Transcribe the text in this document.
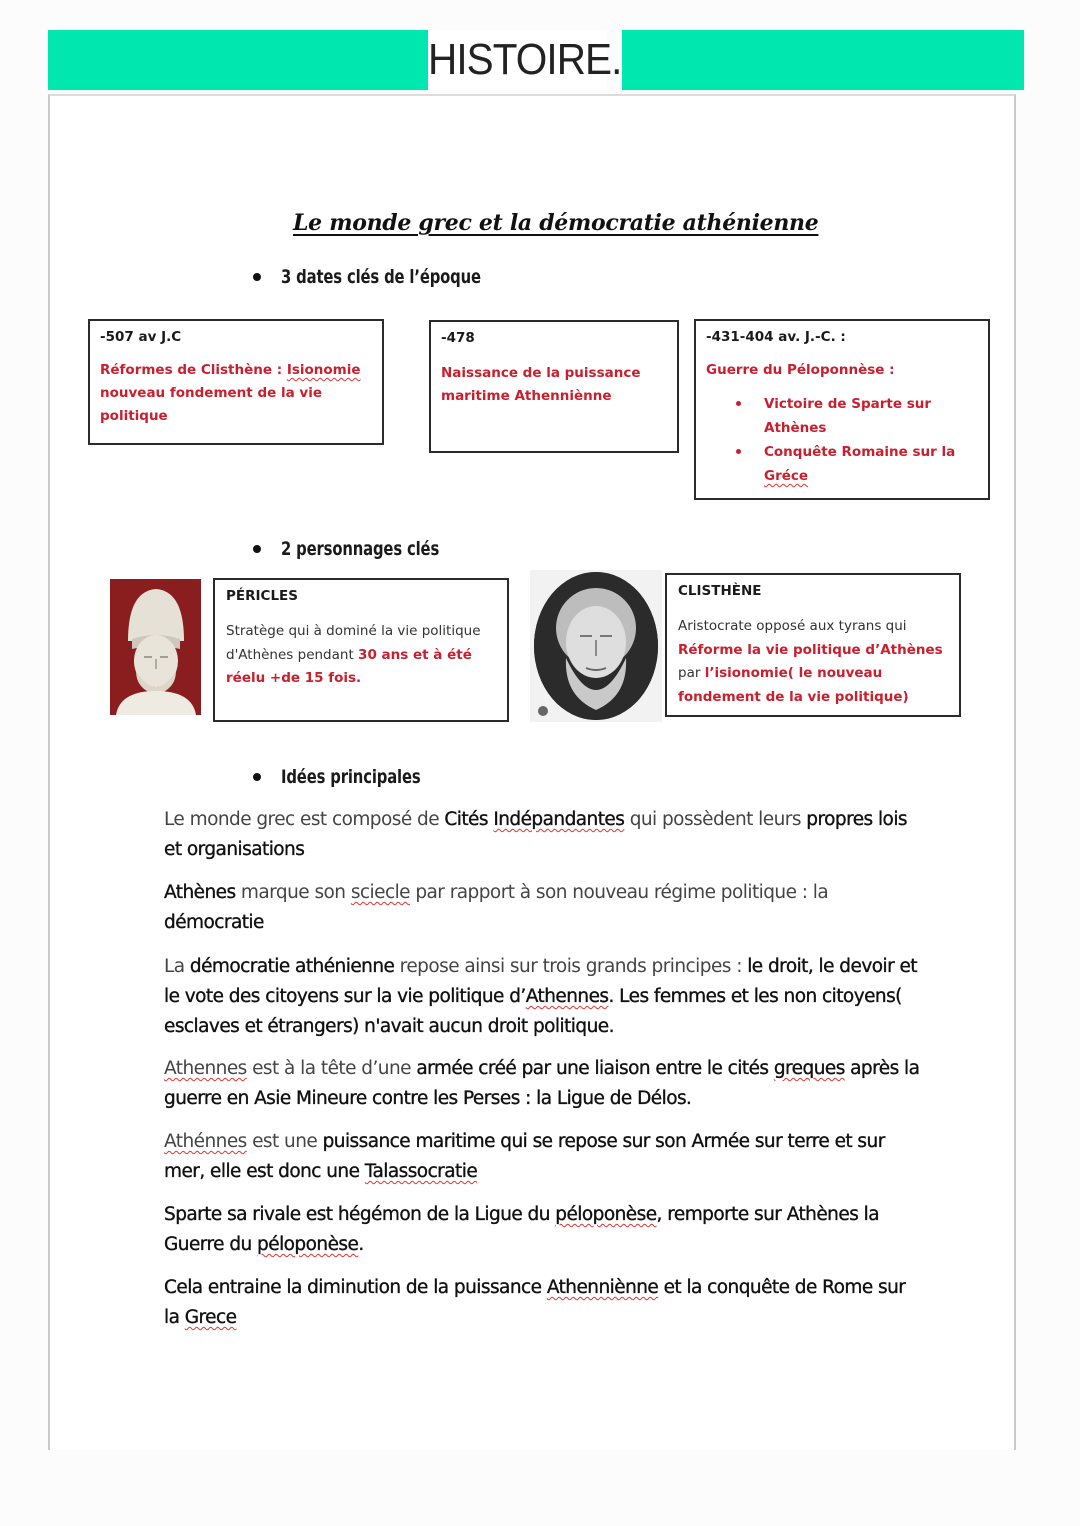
HISTOIRE.
Le monde grec et la démocratie athénienne
3 dates clés de l’époque
-507 av J.C
Réformes de Clisthène : Isionomie nouveau fondement de la vie politique
-478
Naissance de la puissance maritime Athenniènne
-431-404 av. J.-C. :
Guerre du Péloponnèse :
Victoire de Sparte sur Athènes
Conquête Romaine sur la Gréce
2 personnages clés
PÉRICLES
Stratège qui à dominé la vie politique d'Athènes pendant 30 ans et à été réelu +de 15 fois.
CLISTHÈNE
Aristocrate opposé aux tyrans qui Réforme la vie politique d’Athènes par l’isionomie( le nouveau fondement de la vie politique)
Idées principales

Le monde grec est composé de Cités Indépandantes qui possèdent leurs propres lois et organisations

Athènes marque son sciecle par rapport à son nouveau régime politique : la démocratie

La démocratie athénienne repose ainsi sur trois grands principes : le droit, le devoir et le vote des citoyens sur la vie politique d’Athennes. Les femmes et les non citoyens( esclaves et étrangers) n'avait aucun droit politique.

Athennes est à la tête d’une armée créé par une liaison entre le cités greques après la guerre en Asie Mineure contre les Perses : la Ligue de Délos.

Athénnes est une puissance maritime qui se repose sur son Armée sur terre et sur mer, elle est donc une Talassocratie

Sparte sa rivale est hégémon de la Ligue du péloponèse, remporte sur Athènes la Guerre du péloponèse.

Cela entraine la diminution de la puissance Athenniènne et la conquête de Rome sur la Grece
